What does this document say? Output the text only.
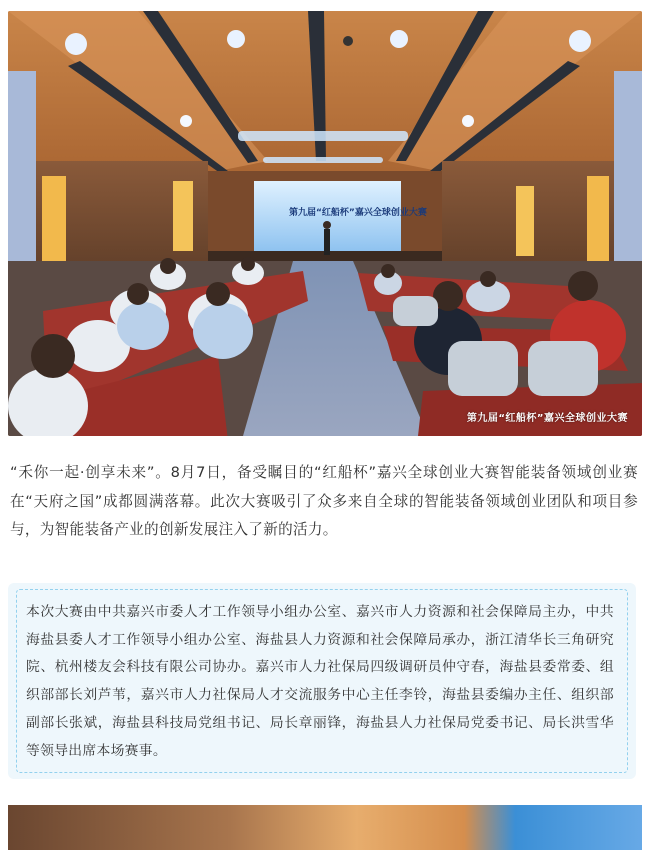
第九届“红船杯”嘉兴全球创业大赛
第九届“红船杯”嘉兴全球创业大赛

“禾你一起·创享未来”。8月7日，备受瞩目的“红船杯”嘉兴全球创业大赛智能装备领域创业赛在“天府之国”成都圆满落幕。此次大赛吸引了众多来自全球的智能装备领域创业团队和项目参与，为智能装备产业的创新发展注入了新的活力。

本次大赛由中共嘉兴市委人才工作领导小组办公室、嘉兴市人力资源和社会保障局主办，中共海盐县委人才工作领导小组办公室、海盐县人力资源和社会保障局承办，浙江清华长三角研究院、杭州楼友会科技有限公司协办。嘉兴市人力社保局四级调研员仲守春，海盐县委常委、组织部部长刘芦苇，嘉兴市人力社保局人才交流服务中心主任李铃，海盐县委编办主任、组织部副部长张斌，海盐县科技局党组书记、局长章丽锋，海盐县人力社保局党委书记、局长洪雪华等领导出席本场赛事。
